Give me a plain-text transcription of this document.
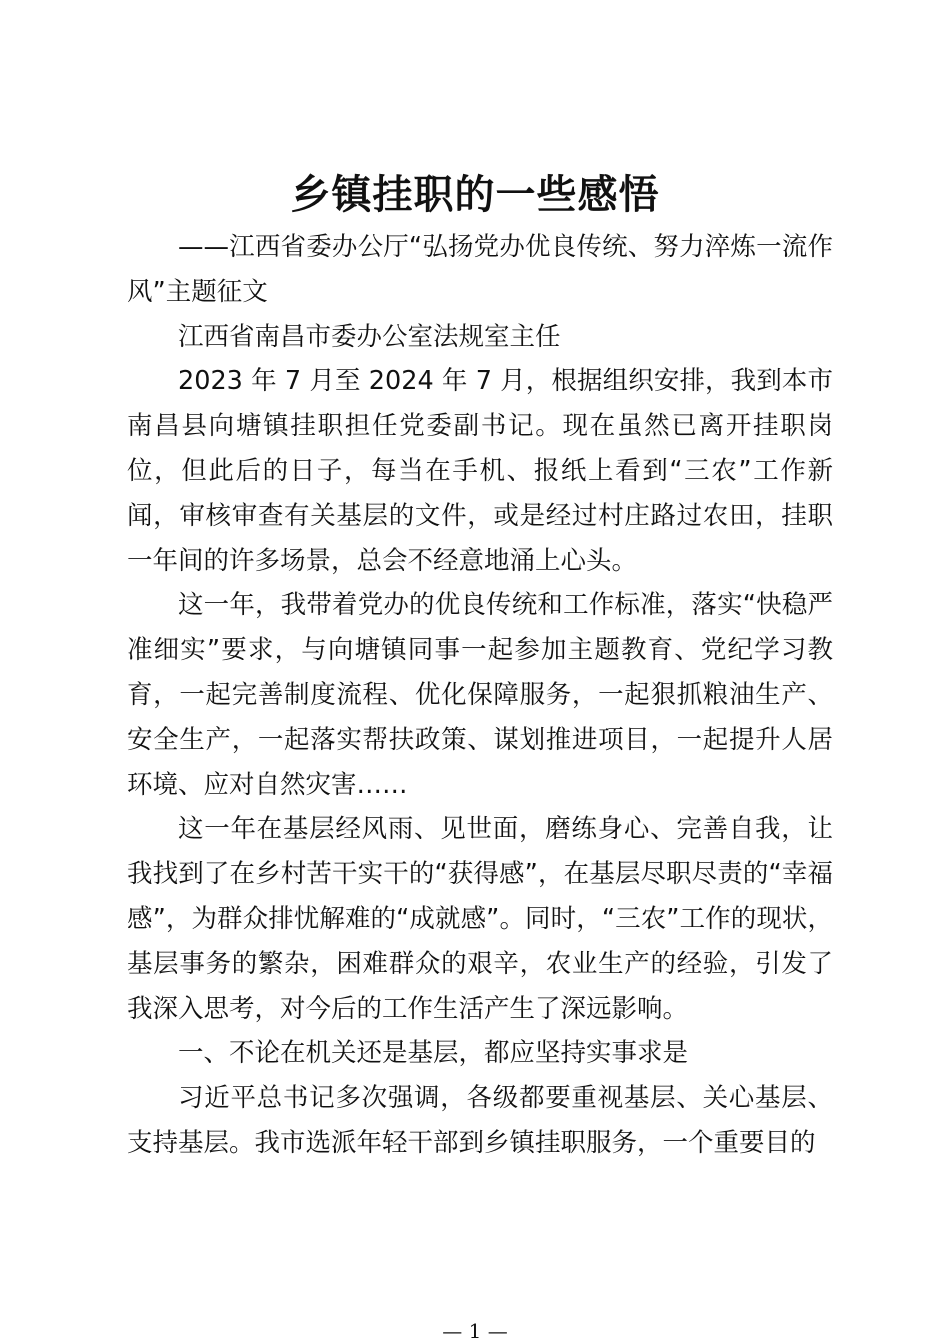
乡镇挂职的一些感悟

——江西省委办公厅“弘扬党办优良传统、努力淬炼一流作风”主题征文

江西省南昌市委办公室法规室主任

2023 年 7 月至 2024 年 7 月，根据组织安排，我到本市南昌县向塘镇挂职担任党委副书记。现在虽然已离开挂职岗位，但此后的日子，每当在手机、报纸上看到“三农”工作新闻，审核审查有关基层的文件，或是经过村庄路过农田，挂职一年间的许多场景，总会不经意地涌上心头。

这一年，我带着党办的优良传统和工作标准，落实“快稳严准细实”要求，与向塘镇同事一起参加主题教育、党纪学习教育，一起完善制度流程、优化保障服务，一起狠抓粮油生产、安全生产，一起落实帮扶政策、谋划推进项目，一起提升人居环境、应对自然灾害……

这一年在基层经风雨、见世面，磨练身心、完善自我，让我找到了在乡村苦干实干的“获得感”，在基层尽职尽责的“幸福感”，为群众排忧解难的“成就感”。同时，“三农”工作的现状，基层事务的繁杂，困难群众的艰辛，农业生产的经验，引发了我深入思考，对今后的工作生活产生了深远影响。

一、不论在机关还是基层，都应坚持实事求是

习近平总书记多次强调，各级都要重视基层、关心基层、支持基层。我市选派年轻干部到乡镇挂职服务，一个重要目的

— 1 —
